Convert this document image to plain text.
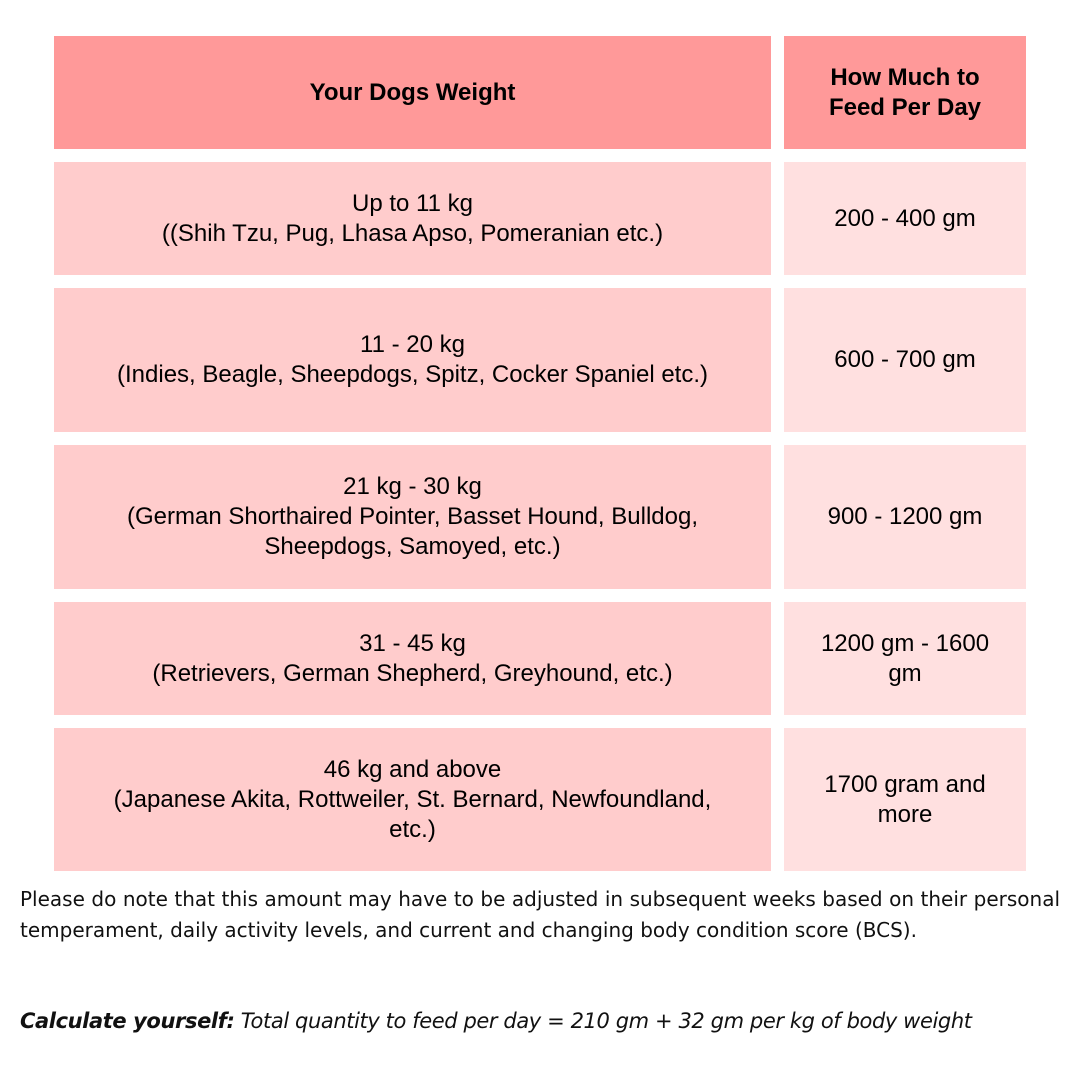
Your Dogs Weight
How Much to
Feed Per Day
Up to 11 kg
((Shih Tzu, Pug, Lhasa Apso, Pomeranian etc.)
200 - 400 gm
11 - 20 kg
(Indies, Beagle, Sheepdogs, Spitz, Cocker Spaniel etc.)
600 - 700 gm
21 kg - 30 kg
(German Shorthaired Pointer, Basset Hound, Bulldog,
Sheepdogs, Samoyed, etc.)
900 - 1200 gm
31 - 45 kg
(Retrievers, German Shepherd, Greyhound, etc.)
1200 gm - 1600
gm
46 kg and above
(Japanese Akita, Rottweiler, St. Bernard, Newfoundland,
etc.)
1700 gram and
more

Please do note that this amount may have to be adjusted in subsequent weeks based on their personal temperament, daily activity levels, and current and changing body condition score (BCS).

Calculate yourself: Total quantity to feed per day = 210 gm + 32 gm per kg of body weight
